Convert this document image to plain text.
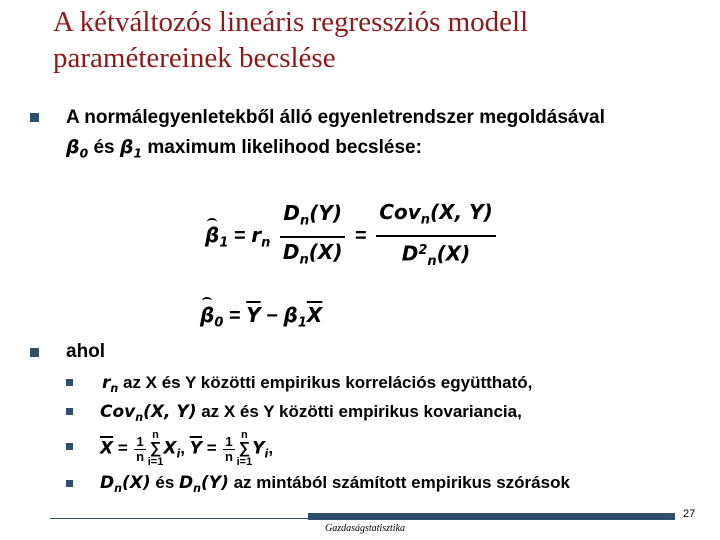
A kétváltozós lineáris regressziós modell
paramétereinek becslése
A normálegyenletekből álló egyenletrendszer megoldásával
$\beta_0$ és $\beta_1$ maximum likelihood becslése:
$\beta_1 = r_n \frac{D_n(Y)}{D_n(X)} = \frac{Cov_n(X, Y)}{D^2_n(X)}$
$\beta_0 = \overline{Y} - \beta_1\overline{X}$
ahol
$r_n$ az X és Y közötti empirikus korrelációs együttható,
Cov$_n$(X, Y) az X és Y közötti empirikus kovariancia,
$\overline{X} = \frac{1}{n}$ n
∑
i=1
$X_i$, $\overline{Y} = \frac{1}{n}$ n
∑
i=1
$Y_i$,
$D_n(X)$ és $D_n(Y)$ az mintából számított empirikus szórások
27
Gazdaságstatisztika
